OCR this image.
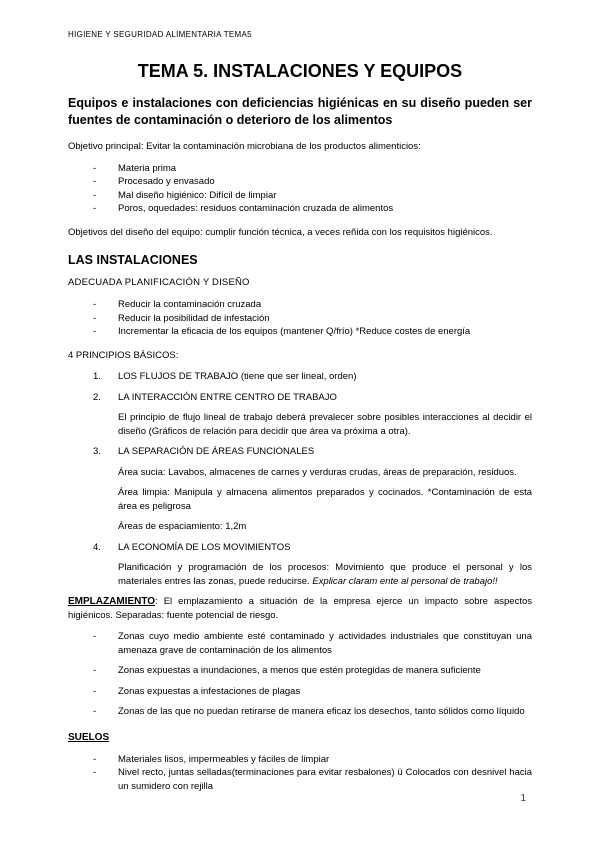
HIGIENE Y SEGURIDAD ALIMENTARIA TEMA5
TEMA 5. INSTALACIONES Y EQUIPOS

Equipos e instalaciones con deficiencias higiénicas en su diseño pueden ser fuentes de contaminación o deterioro de los alimentos

Objetivo principal: Evitar la contaminación microbiana de los productos alimenticios:

-	Materia prima
-	Procesado y envasado
-	Mal diseño higiénico: Difícil de limpiar
-	Poros, oquedades: residuos contaminación cruzada de alimentos

Objetivos del diseño del equipo: cumplir función técnica, a veces reñida con los requisitos higiénicos.

LAS INSTALACIONES
ADECUADA PLANIFICACIÓN Y DISEÑO
-	Reducir la contaminación cruzada
-	Reducir la posibilidad de infestación
-	Incrementar la eficacia de los equipos (mantener Q/frío) *Reduce costes de energía

4 PRINCIPIOS BÁSICOS:

1.	LOS FLUJOS DE TRABAJO (tiene que ser lineal, orden)
2.	LA INTERACCIÓN ENTRE CENTRO DE TRABAJO

El principio de flujo lineal de trabajo deberá prevalecer sobre posibles interacciones al decidir el diseño (Gráficos de relación para decidir que área va próxima a otra).

3.	LA SEPARACIÓN DE ÁREAS FUNCIONALES

Área sucia: Lavabos, almacenes de carnes y verduras crudas, áreas de preparación, residuos.

Área limpia: Manipula y almacena alimentos preparados y cocinados. *Contaminación de esta área es peligrosa

Áreas de espaciamiento: 1,2m

4.	LA ECONOMÍA DE LOS MOVIMIENTOS

Planificación y programación de los procesos: Movimiento que produce el personal y los materiales entres las zonas, puede reducirse. Explicar claram ente al personal de trabajo!!

EMPLAZAMIENTO: El emplazamiento a situación de la empresa ejerce un impacto sobre aspectos higiénicos. Separadas: fuente potencial de riesgo.

-	Zonas cuyo medio ambiente esté contaminado y actividades industriales que constituyan una amenaza grave de contaminación de los alimentos
-	Zonas expuestas a inundaciones, a menos que estén protegidas de manera suficiente
-	Zonas expuestas a infestaciones de plagas
-	Zonas de las que no puedan retirarse de manera eficaz los desechos, tanto sólidos como líquido
SUELOS
-	Materiales lisos, impermeables y fáciles de limpiar
-	Nivel recto, juntas selladas(terminaciones para evitar resbalones) ü Colocados con desnivel hacia un sumidero con rejilla
1
